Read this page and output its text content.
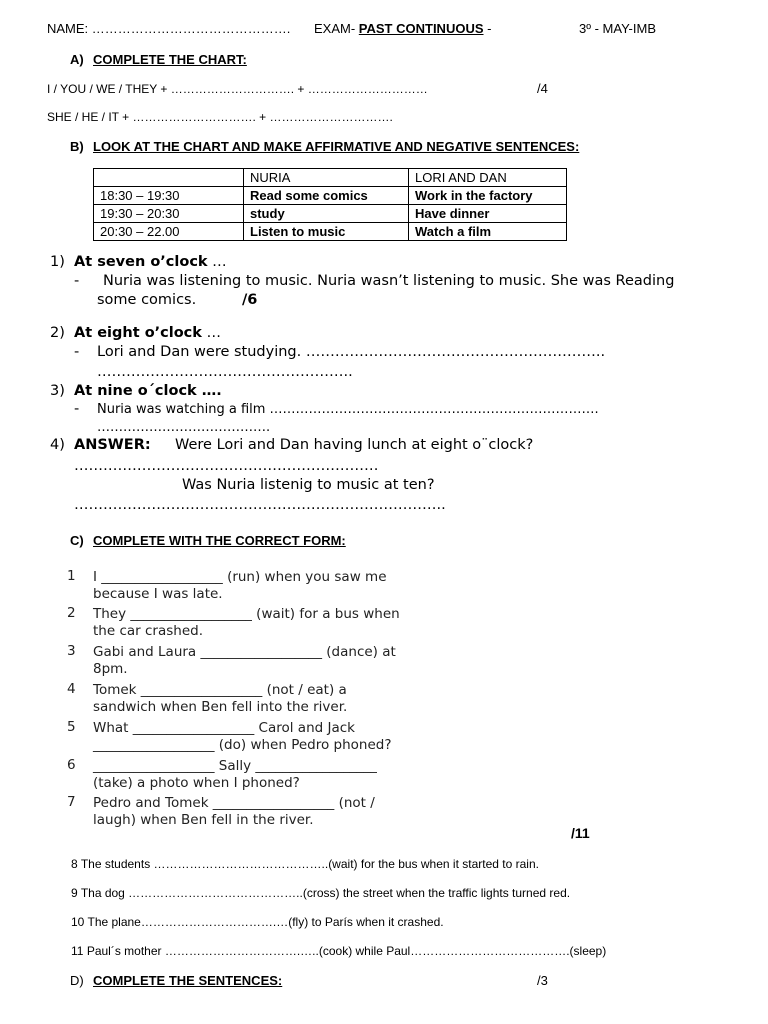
NAME: ………………………………………. EXAM- PAST CONTINUOUS -	3º - MAY-IMB
A) COMPLETE THE CHART:
I / YOU / WE / THEY + …………………………. + …………………………	/4
SHE / HE / IT + …………………………. + ………………………….
B) LOOK AT THE CHART AND MAKE AFFIRMATIVE AND NEGATIVE SENTENCES:
	NURIA	LORI AND DAN
18:30 – 19:30	Read some comics	Work in the factory
19:30 – 20:30	study	Have dinner
20:30 – 22.00	Listen to music	Watch a film
1) At seven o’clock …
- Nuria was listening to music. Nuria wasn’t listening to music. She was Reading
some comics.	/6
2) At eight o’clock …
- Lori and Dan were studying. ……………………………………………………..
……………………………………………..
3) At nine o´clock ….
- Nuria was watching a film ………………………………………………………………….
………………………………….
4) ANSWER: Were Lori and Dan having lunch at eight o¨clock?
………………………………………………………
Was Nuria listenig to music at ten?
…………………………………………………………………..
C) COMPLETE WITH THE CORRECT FORM:
1 I __________________ (run) when you saw me
because I was late.
2 They __________________ (wait) for a bus when
the car crashed.
3 Gabi and Laura __________________ (dance) at
8pm.
4 Tomek __________________ (not / eat) a
sandwich when Ben fell into the river.
5 What __________________ Carol and Jack
__________________ (do) when Pedro phoned?
6 __________________ Sally __________________
(take) a photo when I phoned?
7 Pedro and Tomek __________________ (not /
laugh) when Ben fell in the river.
/11
8 The students ……………………………………..(wait) for the bus when it started to rain.
9 Tha dog ……………………………………..(cross) the street when the traffic lights turned red.
10 The plane…………………………….…(fly) to París when it crashed.
11 Paul´s mother …………………………….…..(cook) while Paul………………………………….(sleep)
D) COMPLETE THE SENTENCES:	/3
